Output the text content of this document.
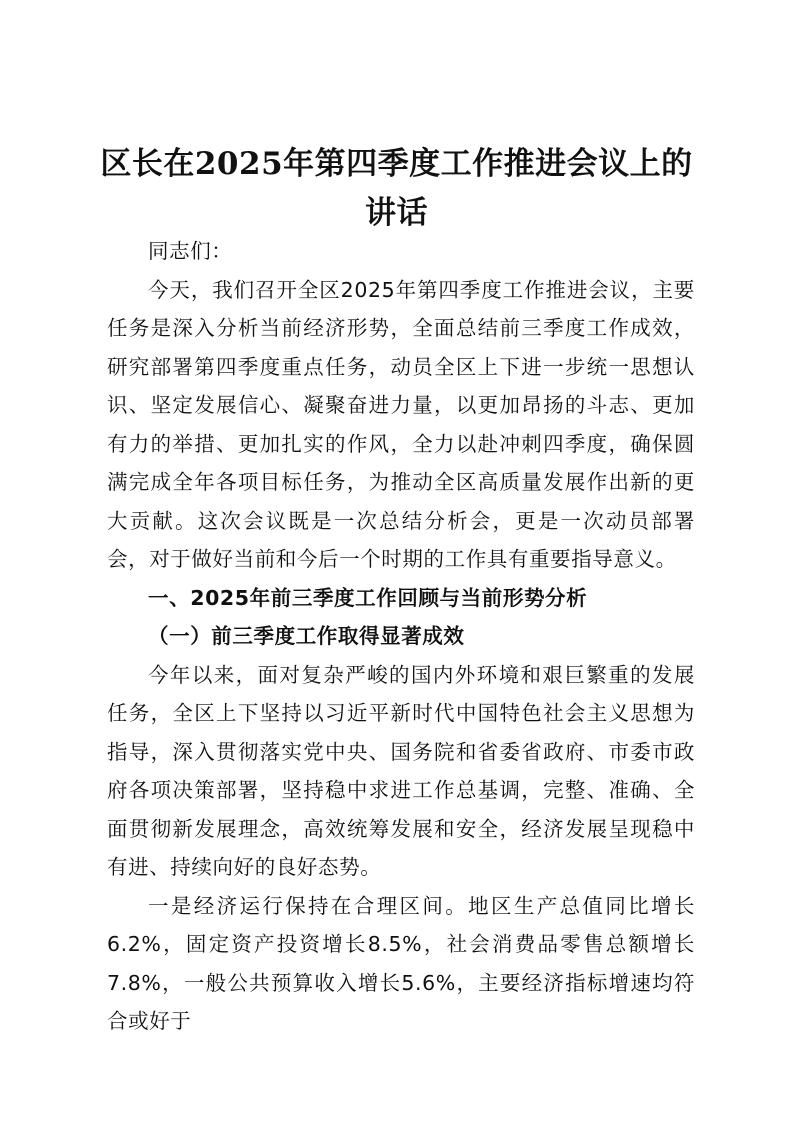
区长在2025年第四季度工作推进会议上的讲话

同志们：

今天，我们召开全区2025年第四季度工作推进会议，主要任务是深入分析当前经济形势，全面总结前三季度工作成效，研究部署第四季度重点任务，动员全区上下进一步统一思想认识、坚定发展信心、凝聚奋进力量，以更加昂扬的斗志、更加有力的举措、更加扎实的作风，全力以赴冲刺四季度，确保圆满完成全年各项目标任务，为推动全区高质量发展作出新的更大贡献。这次会议既是一次总结分析会，更是一次动员部署会，对于做好当前和今后一个时期的工作具有重要指导意义。

一、2025年前三季度工作回顾与当前形势分析

（一）前三季度工作取得显著成效

今年以来，面对复杂严峻的国内外环境和艰巨繁重的发展任务，全区上下坚持以习近平新时代中国特色社会主义思想为指导，深入贯彻落实党中央、国务院和省委省政府、市委市政府各项决策部署，坚持稳中求进工作总基调，完整、准确、全面贯彻新发展理念，高效统筹发展和安全，经济发展呈现稳中有进、持续向好的良好态势。

一是经济运行保持在合理区间。地区生产总值同比增长6.2%，固定资产投资增长8.5%，社会消费品零售总额增长7.8%，一般公共预算收入增长5.6%，主要经济指标增速均符合或好于
